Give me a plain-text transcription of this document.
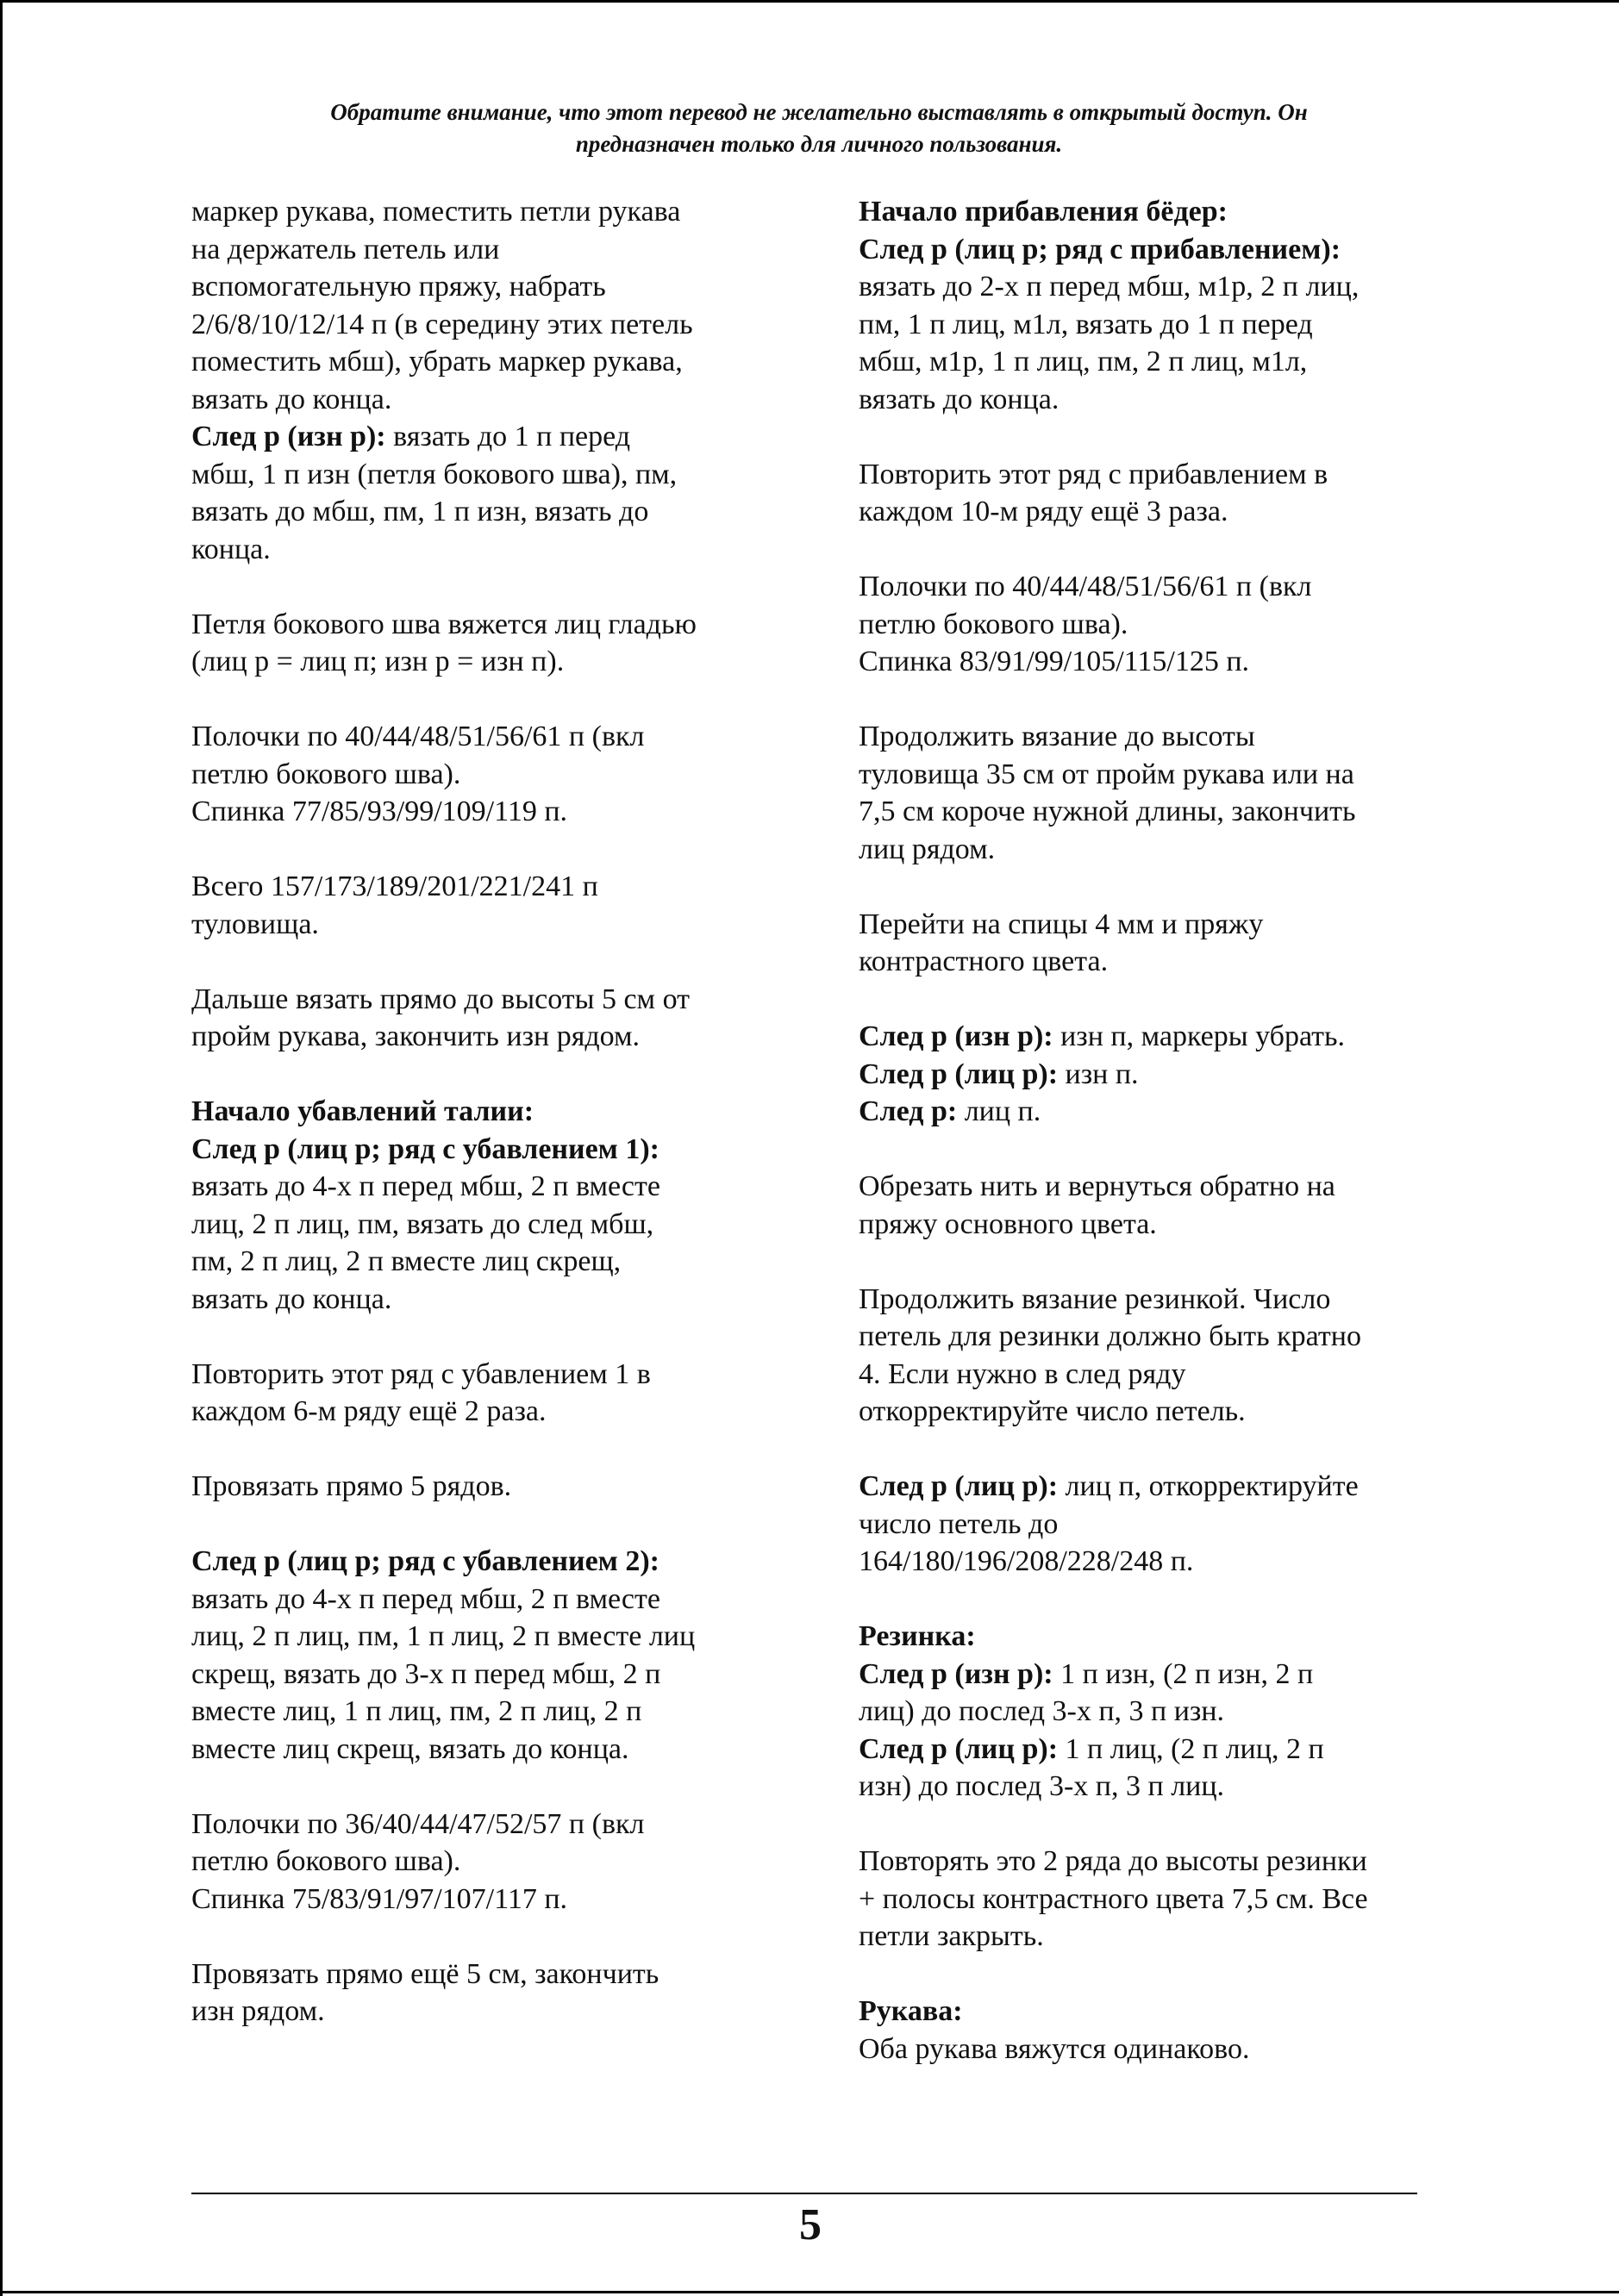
Обратите внимание, что этот перевод не желательно выставлять в открытый доступ. Он
предназначен только для личного пользования.
маркер рукава, поместить петли рукава
на держатель петель или
вспомогательную пряжу, набрать
2/6/8/10/12/14 п (в середину этих петель
поместить мбш), убрать маркер рукава,
вязать до конца.
След р (изн р): вязать до 1 п перед
мбш, 1 п изн (петля бокового шва), пм,
вязать до мбш, пм, 1 п изн, вязать до
конца.
Петля бокового шва вяжется лиц гладью
(лиц р = лиц п; изн р = изн п).
Полочки по 40/44/48/51/56/61 п (вкл
петлю бокового шва).
Спинка 77/85/93/99/109/119 п.
Всего 157/173/189/201/221/241 п
туловища.
Дальше вязать прямо до высоты 5 см от
пройм рукава, закончить изн рядом.
Начало убавлений талии:
След р (лиц р; ряд с убавлением 1):
вязать до 4-х п перед мбш, 2 п вместе
лиц, 2 п лиц, пм, вязать до след мбш,
пм, 2 п лиц, 2 п вместе лиц скрещ,
вязать до конца.
Повторить этот ряд с убавлением 1 в
каждом 6-м ряду ещё 2 раза.
Провязать прямо 5 рядов.
След р (лиц р; ряд с убавлением 2):
вязать до 4-х п перед мбш, 2 п вместе
лиц, 2 п лиц, пм, 1 п лиц, 2 п вместе лиц
скрещ, вязать до 3-х п перед мбш, 2 п
вместе лиц, 1 п лиц, пм, 2 п лиц, 2 п
вместе лиц скрещ, вязать до конца.
Полочки по 36/40/44/47/52/57 п (вкл
петлю бокового шва).
Спинка 75/83/91/97/107/117 п.
Провязать прямо ещё 5 см, закончить
изн рядом.
Начало прибавления бёдер:
След р (лиц р; ряд с прибавлением):
вязать до 2-х п перед мбш, м1р, 2 п лиц,
пм, 1 п лиц, м1л, вязать до 1 п перед
мбш, м1р, 1 п лиц, пм, 2 п лиц, м1л,
вязать до конца.
Повторить этот ряд с прибавлением в
каждом 10-м ряду ещё 3 раза.
Полочки по 40/44/48/51/56/61 п (вкл
петлю бокового шва).
Спинка 83/91/99/105/115/125 п.
Продолжить вязание до высоты
туловища 35 см от пройм рукава или на
7,5 см короче нужной длины, закончить
лиц рядом.
Перейти на спицы 4 мм и пряжу
контрастного цвета.
След р (изн р): изн п, маркеры убрать.
След р (лиц р): изн п.
След р: лиц п.
Обрезать нить и вернуться обратно на
пряжу основного цвета.
Продолжить вязание резинкой. Число
петель для резинки должно быть кратно
4. Если нужно в след ряду
откорректируйте число петель.
След р (лиц р): лиц п, откорректируйте
число петель до
164/180/196/208/228/248 п.
Резинка:
След р (изн р): 1 п изн, (2 п изн, 2 п
лиц) до послед 3-х п, 3 п изн.
След р (лиц р): 1 п лиц, (2 п лиц, 2 п
изн) до послед 3-х п, 3 п лиц.
Повторять это 2 ряда до высоты резинки
+ полосы контрастного цвета 7,5 см. Все
петли закрыть.
Рукава:
Оба рукава вяжутся одинаково.
5
